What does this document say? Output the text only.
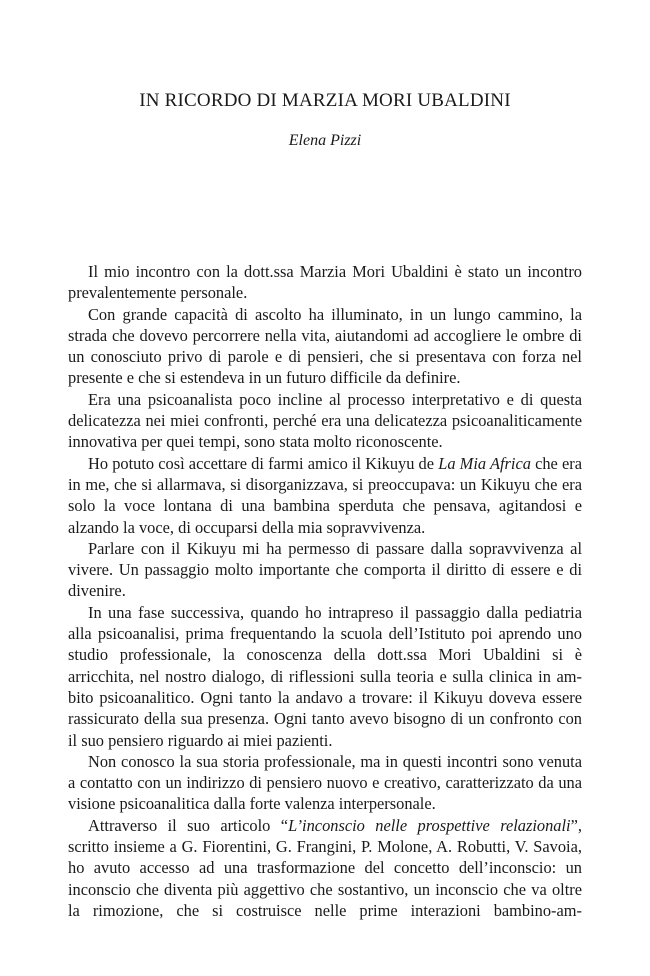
IN RICORDO DI MARZIA MORI UBALDINI
Elena Pizzi

Il mio incontro con la dott.ssa Marzia Mori Ubaldini è stato un incontro prevalentemente personale.

Con grande capacità di ascolto ha illuminato, in un lungo cammino, la strada che dovevo percorrere nella vita, aiutandomi ad accogliere le ombre di un conosciuto privo di parole e di pensieri, che si presentava con forza nel presente e che si estendeva in un futuro difficile da definire.

Era una psicoanalista poco incline al processo interpretativo e di questa delicatezza nei miei confronti, perché era una delicatezza psicoanaliticamente innovativa per quei tempi, sono stata molto riconoscente.

Ho potuto così accettare di farmi amico il Kikuyu de La Mia Africa che era in me, che si allarmava, si disorganizzava, si preoccupava: un Kikuyu che era solo la voce lontana di una bambina sperduta che pensava, agitandosi e alzando la voce, di occuparsi della mia sopravvivenza.

Parlare con il Kikuyu mi ha permesso di passare dalla sopravvivenza al vivere. Un passaggio molto importante che comporta il diritto di essere e di divenire.

In una fase successiva, quando ho intrapreso il passaggio dalla pediatria alla psicoanalisi, prima frequentando la scuola dell’Istituto poi aprendo uno studio professionale, la conoscenza della dott.ssa Mori Ubaldini si è arricchita, nel nostro dialogo, di riflessioni sulla teoria e sulla clinica in ambito psicoanalitico. Ogni tanto la andavo a trovare: il Kikuyu doveva essere rassicurato della sua presenza. Ogni tanto avevo bisogno di un confronto con il suo pensiero riguardo ai miei pazienti.

Non conosco la sua storia professionale, ma in questi incontri sono venuta a contatto con un indirizzo di pensiero nuovo e creativo, caratterizzato da una visione psicoanalitica dalla forte valenza interpersonale.

Attraverso il suo articolo “L’inconscio nelle prospettive relazionali”, scritto insieme a G. Fiorentini, G. Frangini, P. Molone, A. Robutti, V. Savoia, ho avuto accesso ad una trasformazione del concetto dell’inconscio: un inconscio che diventa più aggettivo che sostantivo, un inconscio che va oltre la rimozione, che si costruisce nelle prime interazioni bambino-am-
